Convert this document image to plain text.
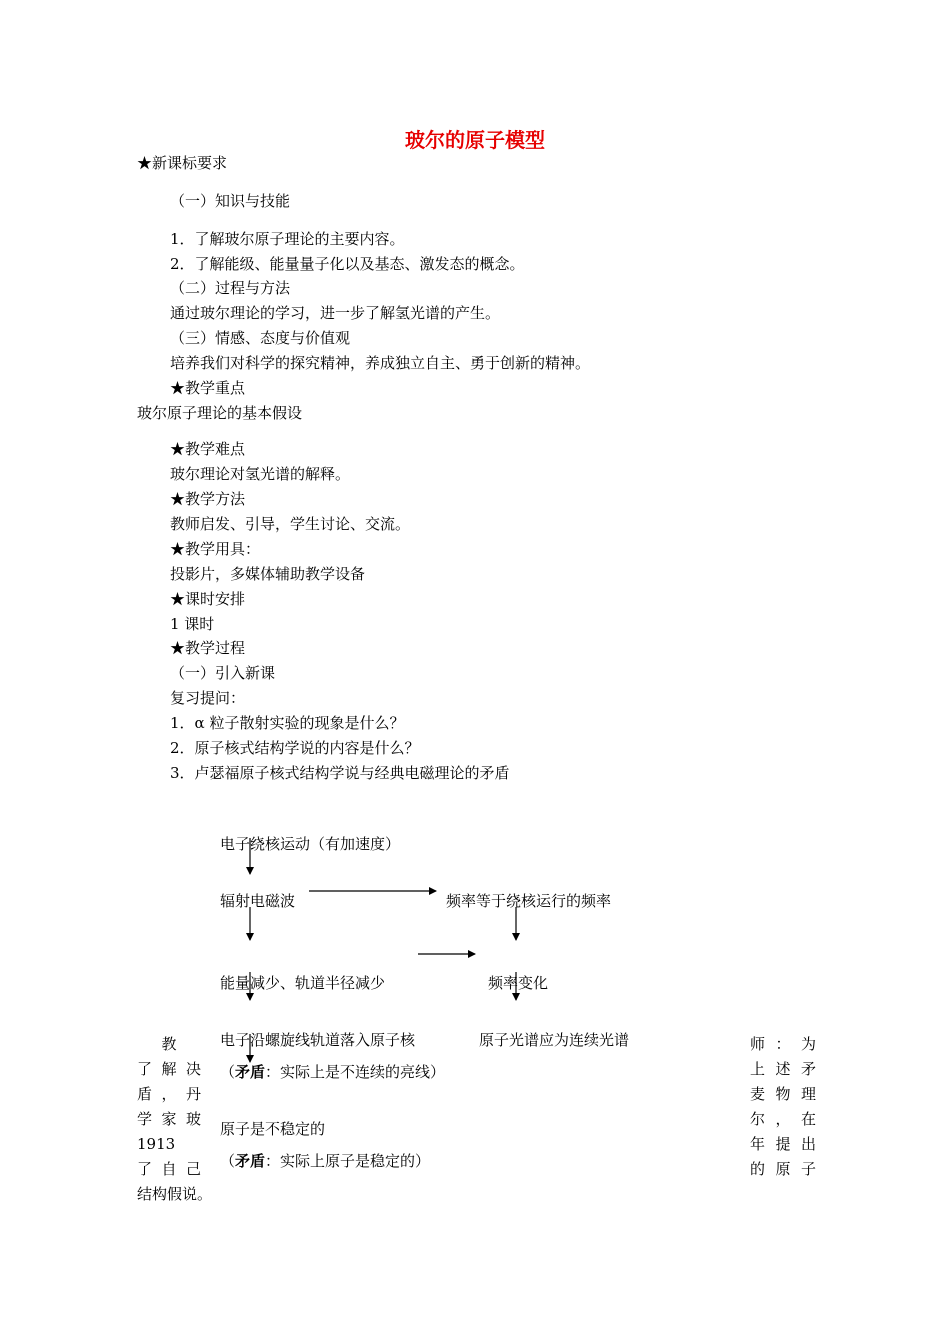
玻尔的原子模型
★新课标要求
（一）知识与技能
1．了解玻尔原子理论的主要内容。
2．了解能级、能量量子化以及基态、激发态的概念。
（二）过程与方法
通过玻尔理论的学习，进一步了解氢光谱的产生。
（三）情感、态度与价值观
培养我们对科学的探究精神，养成独立自主、勇于创新的精神。
★教学重点
玻尔原子理论的基本假设
★教学难点
玻尔理论对氢光谱的解释。
★教学方法
教师启发、引导，学生讨论、交流。
★教学用具：
投影片，多媒体辅助教学设备
★课时安排
1 课时
★教学过程
（一）引入新课
复习提问：
1．α 粒子散射实验的现象是什么？
2．原子核式结构学说的内容是什么？
3．卢瑟福原子核式结构学说与经典电磁理论的矛盾
电子绕核运动（有加速度）
辐射电磁波	频率等于绕核运行的频率
能量减少、轨道半径减少	频率变化
电子沿螺旋线轨道落入原子核	原子光谱应为连续光谱
（矛盾：实际上是不连续的亮线）
原子是不稳定的
（矛盾：实际上原子是稳定的）
教
了 解 决
盾 ， 丹
学 家 玻
1913
了 自 己
结构假说。
师 ： 为
上 述 矛
麦 物 理
尔 ， 在
年 提 出
的 原 子
